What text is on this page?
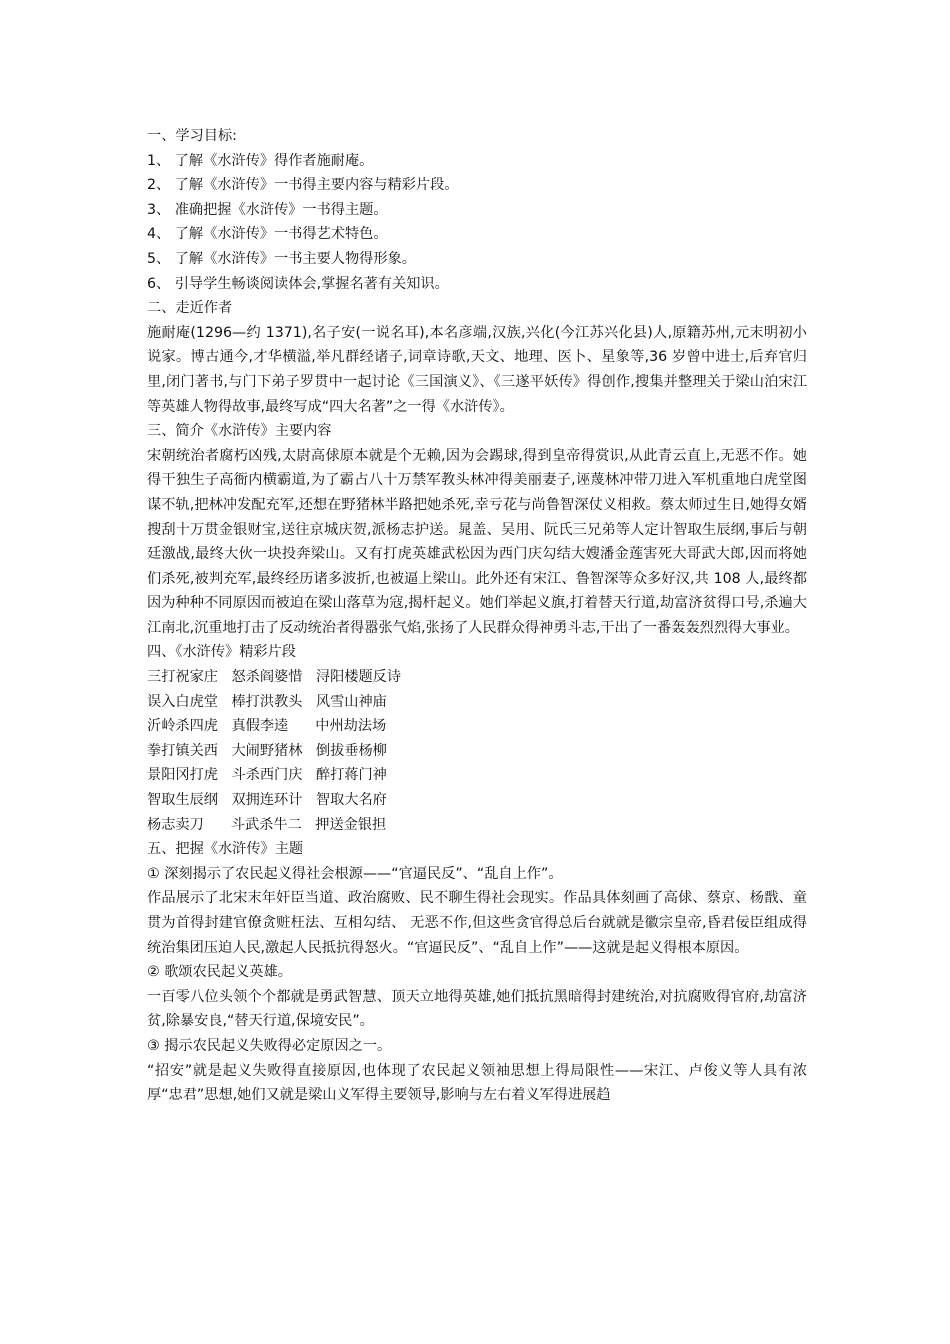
一、学习目标:
1、 了解《水浒传》得作者施耐庵。
2、 了解《水浒传》一书得主要内容与精彩片段。
3、 准确把握《水浒传》一书得主题。
4、 了解《水浒传》一书得艺术特色。
5、 了解《水浒传》一书主要人物得形象。
6、 引导学生畅谈阅读体会,掌握名著有关知识。
二、走近作者

施耐庵(1296—约 1371),名子安(一说名耳),本名彦端,汉族,兴化(今江苏兴化县)人,原籍苏州,元末明初小说家。博古通今,才华横溢,举凡群经诸子,词章诗歌,天文、地理、医卜、星象等,36 岁曾中进士,后弃官归里,闭门著书,与门下弟子罗贯中一起讨论《三国演义》、《三遂平妖传》得创作,搜集并整理关于梁山泊宋江等英雄人物得故事,最终写成“四大名著”之一得《水浒传》。

三、简介《水浒传》主要内容

宋朝统治者腐朽凶残,太尉高俅原本就是个无赖,因为会踢球,得到皇帝得赏识,从此青云直上,无恶不作。她得干独生子高衙内横霸道,为了霸占八十万禁军教头林冲得美丽妻子,诬蔑林冲带刀进入军机重地白虎堂图谋不轨,把林冲发配充军,还想在野猪林半路把她杀死,幸亏花与尚鲁智深仗义相救。蔡太师过生日,她得女婿搜刮十万贯金银财宝,送往京城庆贺,派杨志护送。晁盖、吴用、阮氏三兄弟等人定计智取生辰纲,事后与朝廷激战,最终大伙一块投奔梁山。又有打虎英雄武松因为西门庆勾结大嫂潘金莲害死大哥武大郎,因而将她们杀死,被判充军,最终经历诸多波折,也被逼上梁山。此外还有宋江、鲁智深等众多好汉,共 108 人,最终都因为种种不同原因而被迫在梁山落草为寇,揭杆起义。她们举起义旗,打着替天行道,劫富济贫得口号,杀遍大江南北,沉重地打击了反动统治者得嚣张气焰,张扬了人民群众得神勇斗志,干出了一番轰轰烈烈得大事业。

四、《水浒传》精彩片段
三打祝家庄   怒杀阎婆惜   浔阳楼题反诗
误入白虎堂   棒打洪教头   风雪山神庙
沂岭杀四虎   真假李逵      中州劫法场
拳打镇关西   大闹野猪林   倒拔垂杨柳
景阳冈打虎   斗杀西门庆   醉打蒋门神
智取生辰纲   双拥连环计   智取大名府
杨志卖刀      斗武杀牛二   押送金银担
五、把握《水浒传》主题
① 深刻揭示了农民起义得社会根源——“官逼民反”、“乱自上作”。

作品展示了北宋末年奸臣当道、政治腐败、民不聊生得社会现实。作品具体刻画了高俅、蔡京、杨戬、童贯为首得封建官僚贪赃枉法、互相勾结、 无恶不作,但这些贪官得总后台就就是徽宗皇帝,昏君佞臣组成得统治集团压迫人民,激起人民抵抗得怒火。“官逼民反”、“乱自上作”——这就是起义得根本原因。

② 歌颂农民起义英雄。

一百零八位头领个个都就是勇武智慧、顶天立地得英雄,她们抵抗黑暗得封建统治,对抗腐败得官府,劫富济贫,除暴安良,“替天行道,保境安民”。

③ 揭示农民起义失败得必定原因之一。

“招安”就是起义失败得直接原因,也体现了农民起义领袖思想上得局限性——宋江、卢俊义等人具有浓厚“忠君”思想,她们又就是梁山义军得主要领导,影响与左右着义军得进展趋
